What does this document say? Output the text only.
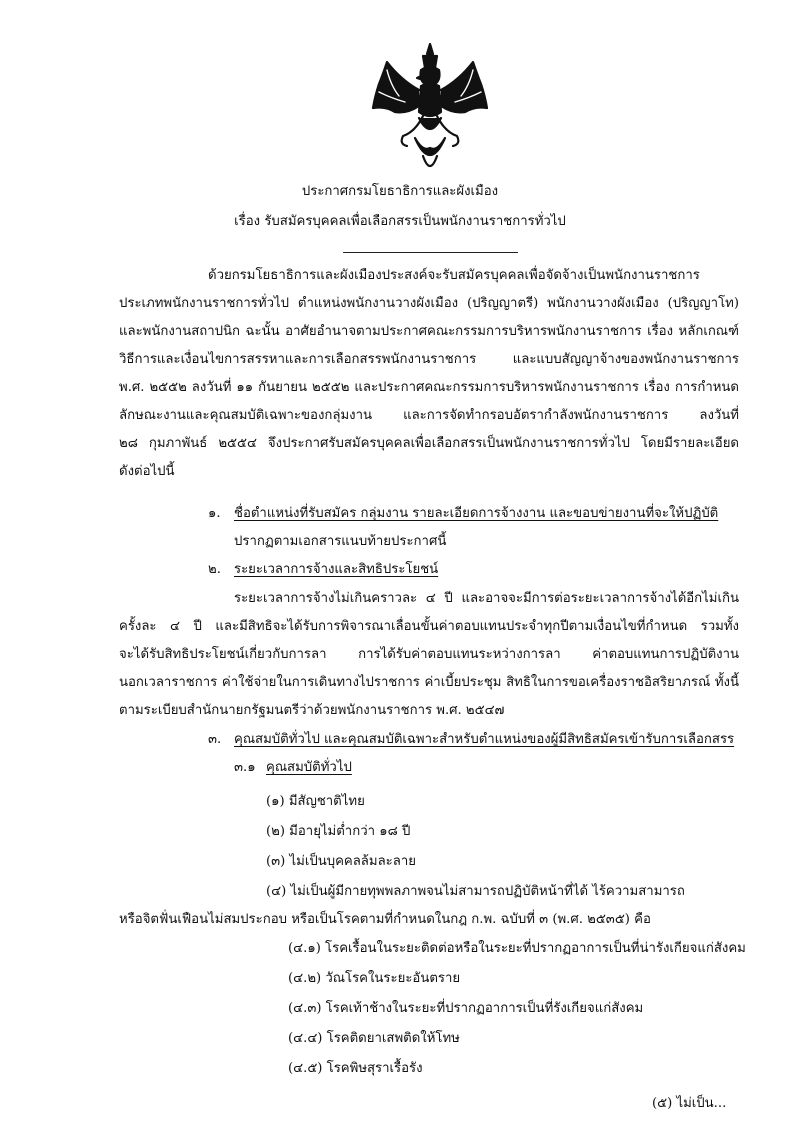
ประกาศกรมโยธาธิการและผังเมือง
เรื่อง รับสมัครบุคคลเพื่อเลือกสรรเป็นพนักงานราชการทั่วไป
ด้วยกรมโยธาธิการและผังเมืองประสงค์จะรับสมัครบุคคลเพื่อจัดจ้างเป็นพนักงานราชการ
ประเภทพนักงานราชการทั่วไป ตำแหน่งพนักงานวางผังเมือง (ปริญญาตรี) พนักงานวางผังเมือง (ปริญญาโท)
และพนักงานสถาปนิก ฉะนั้น อาศัยอำนาจตามประกาศคณะกรรมการบริหารพนักงานราชการ เรื่อง หลักเกณฑ์
วิธีการและเงื่อนไขการสรรหาและการเลือกสรรพนักงานราชการ และแบบสัญญาจ้างของพนักงานราชการ
พ.ศ. ๒๕๕๒ ลงวันที่ ๑๑ กันยายน ๒๕๕๒ และประกาศคณะกรรมการบริหารพนักงานราชการ เรื่อง การกำหนด
ลักษณะงานและคุณสมบัติเฉพาะของกลุ่มงาน และการจัดทำกรอบอัตรากำลังพนักงานราชการ ลงวันที่
๒๘ กุมภาพันธ์ ๒๕๕๔ จึงประกาศรับสมัครบุคคลเพื่อเลือกสรรเป็นพนักงานราชการทั่วไป โดยมีรายละเอียด
ดังต่อไปนี้
๑. ชื่อตำแหน่งที่รับสมัคร กลุ่มงาน รายละเอียดการจ้างงาน และขอบข่ายงานที่จะให้ปฏิบัติ
ปรากฏตามเอกสารแนบท้ายประกาศนี้
๒. ระยะเวลาการจ้างและสิทธิประโยชน์
ระยะเวลาการจ้างไม่เกินคราวละ ๔ ปี และอาจจะมีการต่อระยะเวลาการจ้างได้อีกไม่เกิน
ครั้งละ ๔ ปี และมีสิทธิจะได้รับการพิจารณาเลื่อนขั้นค่าตอบแทนประจำทุกปีตามเงื่อนไขที่กำหนด รวมทั้ง
จะได้รับสิทธิประโยชน์เกี่ยวกับการลา การได้รับค่าตอบแทนระหว่างการลา ค่าตอบแทนการปฏิบัติงาน
นอกเวลาราชการ ค่าใช้จ่ายในการเดินทางไปราชการ ค่าเบี้ยประชุม สิทธิในการขอเครื่องราชอิสริยาภรณ์ ทั้งนี้
ตามระเบียบสำนักนายกรัฐมนตรีว่าด้วยพนักงานราชการ พ.ศ. ๒๕๔๗
๓. คุณสมบัติทั่วไป และคุณสมบัติเฉพาะสำหรับตำแหน่งของผู้มีสิทธิสมัครเข้ารับการเลือกสรร
๓.๑ คุณสมบัติทั่วไป
(๑) มีสัญชาติไทย
(๒) มีอายุไม่ต่ำกว่า ๑๘ ปี
(๓) ไม่เป็นบุคคลล้มละลาย
(๔) ไม่เป็นผู้มีกายทุพพลภาพจนไม่สามารถปฏิบัติหน้าที่ได้ ไร้ความสามารถ
หรือจิตฟั่นเฟือนไม่สมประกอบ หรือเป็นโรคตามที่กำหนดในกฎ ก.พ. ฉบับที่ ๓ (พ.ศ. ๒๕๓๕) คือ
(๔.๑) โรคเรื้อนในระยะติดต่อหรือในระยะที่ปรากฏอาการเป็นที่น่ารังเกียจแก่สังคม
(๔.๒) วัณโรคในระยะอันตราย
(๔.๓) โรคเท้าช้างในระยะที่ปรากฏอาการเป็นที่รังเกียจแก่สังคม
(๔.๔) โรคติดยาเสพติดให้โทษ
(๔.๕) โรคพิษสุราเรื้อรัง
(๕) ไม่เป็น...
